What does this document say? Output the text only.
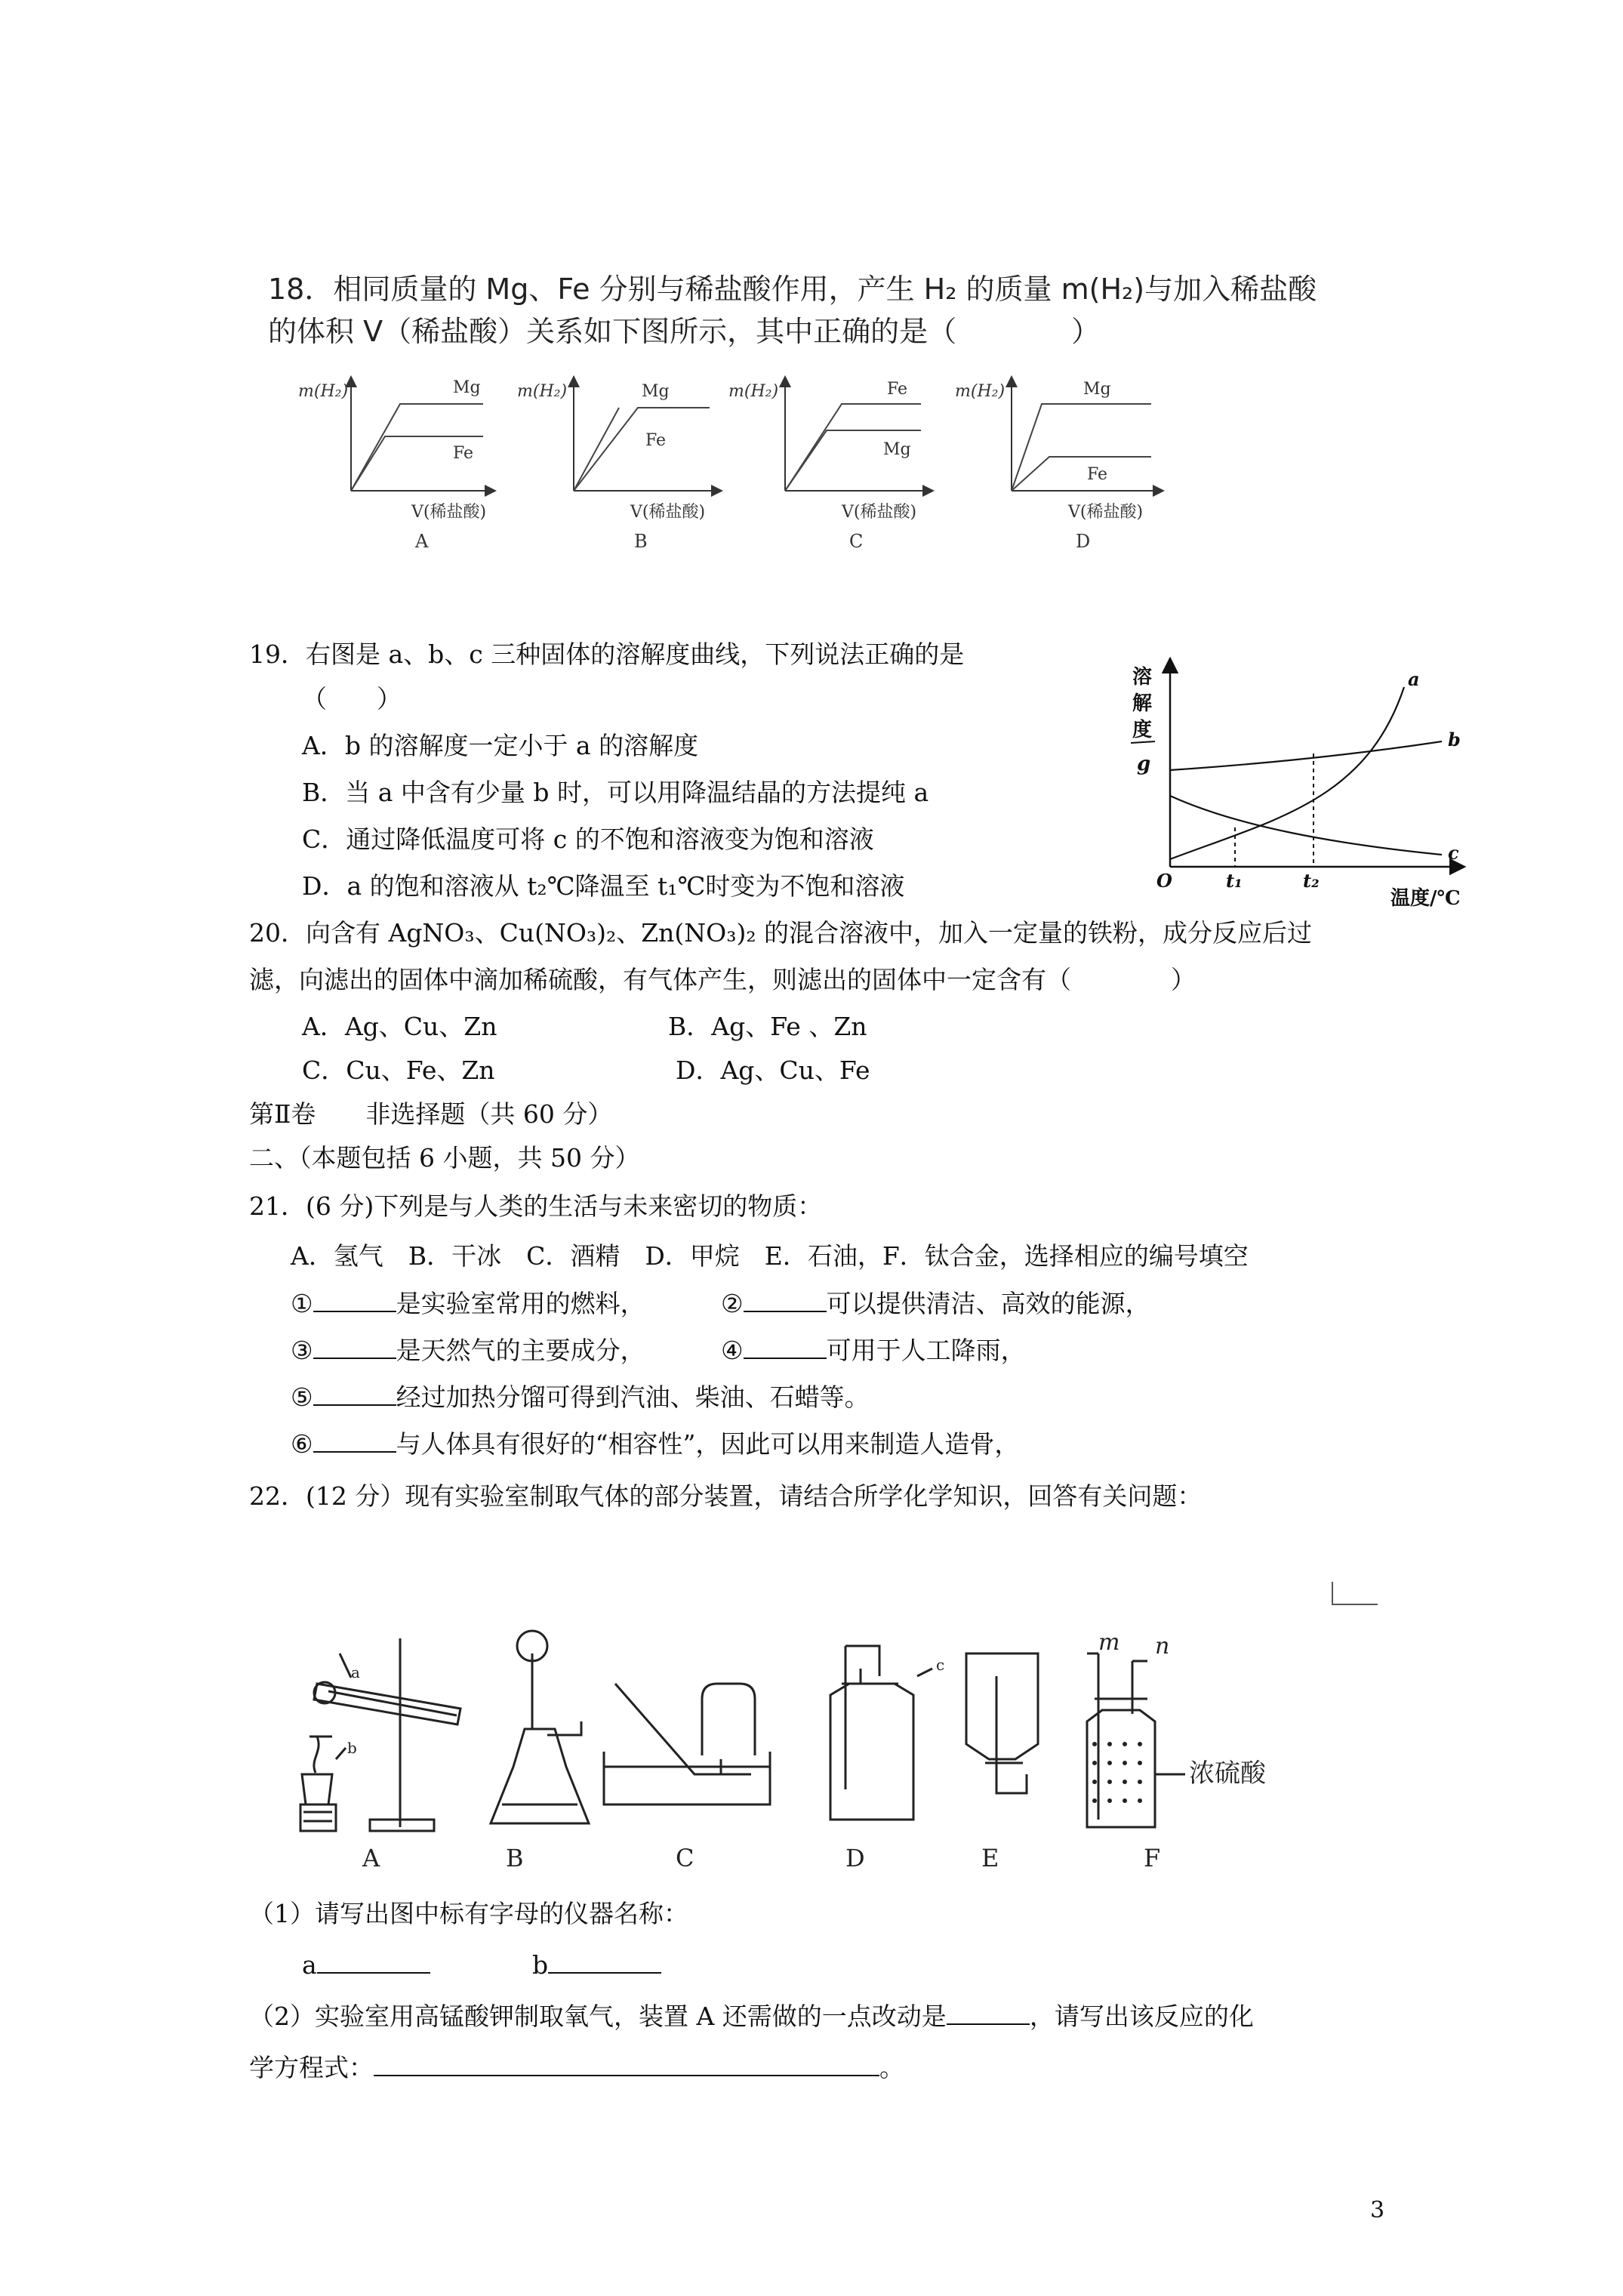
18．相同质量的 Mg、Fe 分别与稀盐酸作用，产生 H₂ 的质量 m(H₂)与加入稀盐酸
的体积 V（稀盐酸）关系如下图所示，其中正确的是（　　　　）
m(H₂)	Mg
Fe
V(稀盐酸)
A
m(H₂)	Mg
Fe
V(稀盐酸)
B
m(H₂)	Fe
Mg
V(稀盐酸)
C
m(H₂)	Mg
Fe
V(稀盐酸)
D
19．右图是 a、b、c 三种固体的溶解度曲线，下列说法正确的是
（　　）
A．b 的溶解度一定小于 a 的溶解度
B．当 a 中含有少量 b 时，可以用降温结晶的方法提纯 a
C．通过降低温度可将 c 的不饱和溶液变为饱和溶液
D．a 的饱和溶液从 t₂℃降温至 t₁℃时变为不饱和溶液
溶
解
度
g
a
b
c
O	t₁	t₂
温度/℃
20．向含有 AgNO₃、Cu(NO₃)₂、Zn(NO₃)₂ 的混合溶液中，加入一定量的铁粉，成分反应后过
滤，向滤出的固体中滴加稀硫酸，有气体产生，则滤出的固体中一定含有（　　　　）
A．Ag、Cu、Zn	B．Ag、Fe 、Zn
C．Cu、Fe、Zn	D．Ag、Cu、Fe
第Ⅱ卷　　非选择题（共 60 分）
二、（本题包括 6 小题，共 50 分）
21．(6 分)下列是与人类的生活与未来密切的物质：
A．氢气　B．干冰　C．酒精　D．甲烷　E．石油，F．钛合金，选择相应的编号填空
①	是实验室常用的燃料，	②	可以提供清洁、高效的能源，
③	是天然气的主要成分，	④	可用于人工降雨，
⑤	经过加热分馏可得到汽油、柴油、石蜡等。
⑥	与人体具有很好的“相容性”，因此可以用来制造人造骨，
22．(12 分）现有实验室制取气体的部分装置，请结合所学化学知识，回答有关问题：
a
b
c
m n
浓硫酸
A	B	C	D	E	F
（1）请写出图中标有字母的仪器名称：
a	b
（2）实验室用高锰酸钾制取氧气，装置 A 还需做的一点改动是	，请写出该反应的化
学方程式：	。
3
